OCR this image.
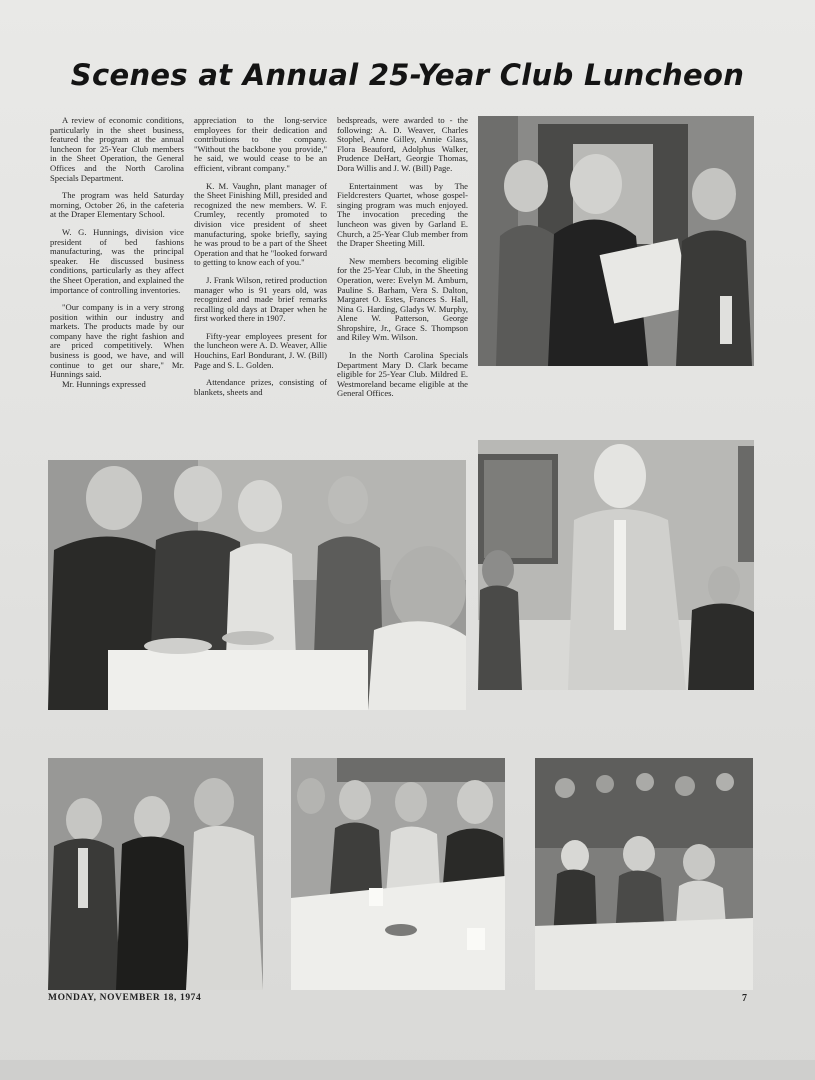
Scenes at Annual 25-Year Club Luncheon

A review of economic conditions, particularly in the sheet business, featured the program at the annual luncheon for 25-Year Club members in the Sheet Operation, the General Offices and the North Carolina Specials Department.

The program was held Saturday morning, October 26, in the cafeteria at the Draper Elementary School.

W. G. Hunnings, division vice president of bed fashions manufacturing, was the principal speaker. He discussed business conditions, particularly as they affect the Sheet Operation, and explained the importance of controlling inventories.

"Our company is in a very strong position within our industry and markets. The products made by our company have the right fashion and are priced competitively. When business is good, we have, and will continue to get our share," Mr. Hunnings said.

Mr. Hunnings expressed

appreciation to the long-service employees for their dedication and contributions to the company. "Without the backbone you provide," he said, we would cease to be an efficient, vibrant company."

K. M. Vaughn, plant manager of the Sheet Finishing Mill, presided and recognized the new members. W. F. Crumley, recently promoted to division vice president of sheet manufacturing, spoke briefly, saying he was proud to be a part of the Sheet Operation and that he "looked forward to getting to know each of you."

J. Frank Wilson, retired production manager who is 91 years old, was recognized and made brief remarks recalling old days at Draper when he first worked there in 1907.

Fifty-year employees present for the luncheon were A. D. Weaver, Allie Houchins, Earl Bondurant, J. W. (Bill) Page and S. L. Golden.

Attendance prizes, consisting of blankets, sheets and

bedspreads, were awarded to - the following: A. D. Weaver, Charles Stophel, Anne Gilley, Annie Glass, Flora Beauford, Adolphus Walker, Prudence DeHart, Georgie Thomas, Dora Willis and J. W. (Bill) Page.

Entertainment was by The Fieldcresters Quartet, whose gospel-singing program was much enjoyed. The invocation preceding the luncheon was given by Garland E. Church, a 25-Year Club member from the Draper Sheeting Mill.

New members becoming eligible for the 25-Year Club, in the Sheeting Operation, were: Evelyn M. Amburn, Pauline S. Barham, Vera S. Dalton, Margaret O. Estes, Frances S. Hall, Nina G. Harding, Gladys W. Murphy, Alene W. Patterson, George Shropshire, Jr., Grace S. Thompson and Riley Wm. Wilson.

In the North Carolina Specials Department Mary D. Clark became eligible for 25-Year Club. Mildred E. Westmoreland became eligible at the General Offices.

MONDAY, NOVEMBER 18, 1974	7
